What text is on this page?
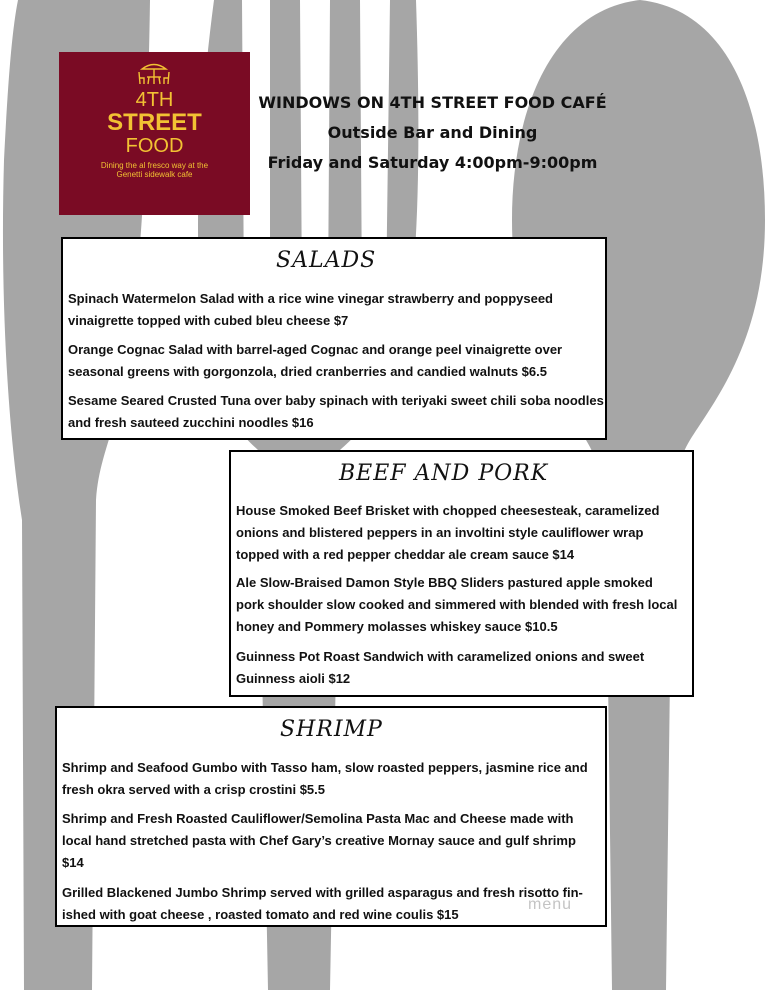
4TH
STREET
FOOD
Dining the al fresco way at the Genetti sidewalk cafe
WINDOWS ON 4TH STREET FOOD CAFÉ
Outside Bar and Dining
Friday and Saturday 4:00pm-9:00pm
SALADS

Spinach Watermelon Salad with a rice wine vinegar strawberry and poppyseed vinaigrette topped with cubed bleu cheese $7

Orange Cognac Salad with barrel-aged Cognac and orange peel vinaigrette over seasonal greens with gorgonzola, dried cranberries and candied walnuts $6.5

Sesame Seared Crusted Tuna over baby spinach with teriyaki sweet chili soba noodles and fresh sauteed zucchini noodles $16

BEEF AND PORK

House Smoked Beef Brisket with chopped cheesesteak, caramelized onions and blistered peppers in an involtini style cauliflower wrap topped with a red pepper cheddar ale cream sauce $14

Ale Slow-Braised Damon Style BBQ Sliders pastured apple smoked pork shoulder slow cooked and simmered with blended with fresh local honey and Pommery molasses whiskey sauce $10.5

Guinness Pot Roast Sandwich with caramelized onions and sweet Guinness aioli $12

SHRIMP

Shrimp and Seafood Gumbo with Tasso ham, slow roasted peppers, jasmine rice and fresh okra served with a crisp crostini $5.5

Shrimp and Fresh Roasted Cauliflower/Semolina Pasta Mac and Cheese made with local hand stretched pasta with Chef Gary’s creative Mornay sauce and gulf shrimp $14

Grilled Blackened Jumbo Shrimp served with grilled asparagus and fresh risotto fin-ished with goat cheese , roasted tomato and red wine coulis $15

menu
